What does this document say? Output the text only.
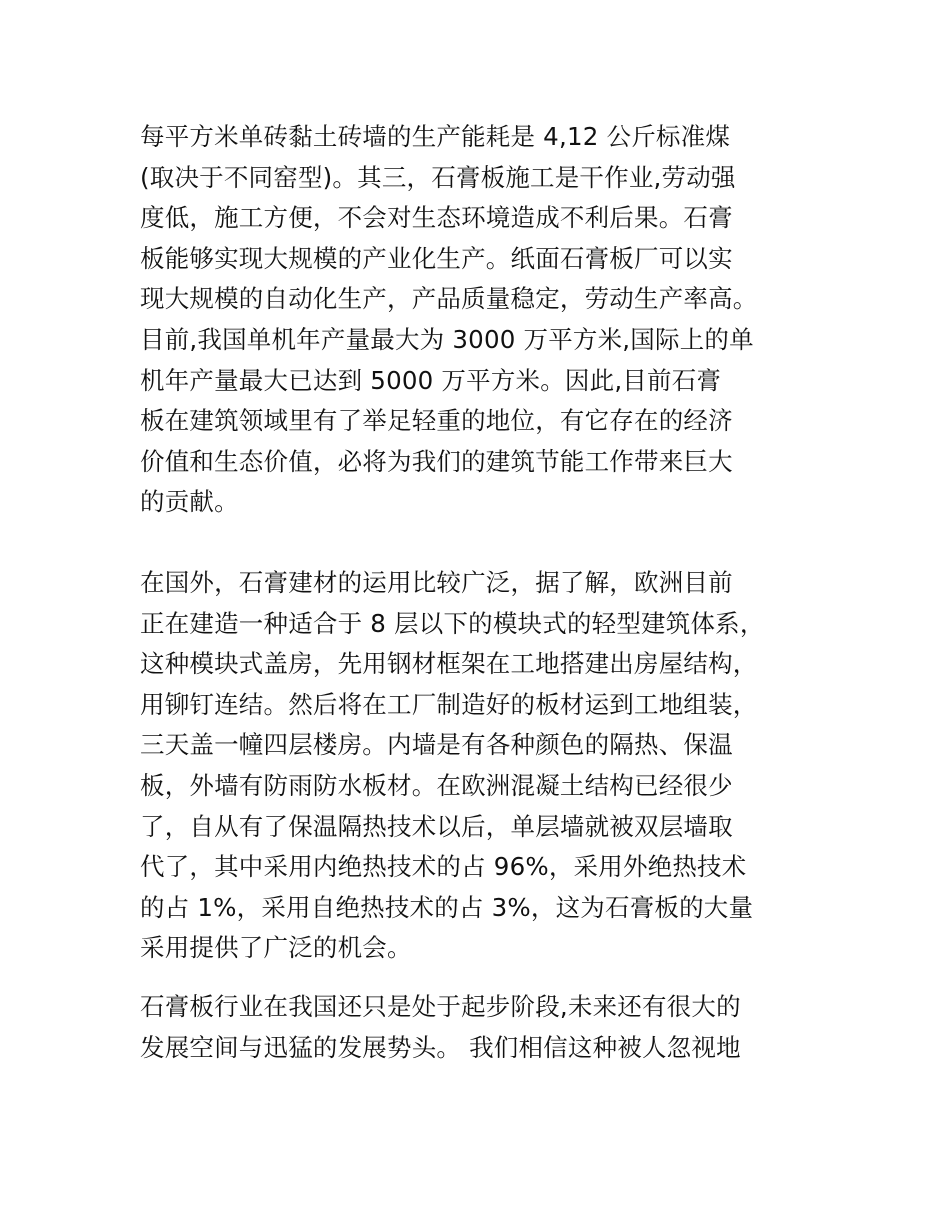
每平方米单砖黏土砖墙的生产能耗是 4,12 公斤标准煤
(取决于不同窑型)。其三，石膏板施工是干作业,劳动强
度低，施工方便，不会对生态环境造成不利后果。石膏
板能够实现大规模的产业化生产。纸面石膏板厂可以实
现大规模的自动化生产，产品质量稳定，劳动生产率高。
目前,我国单机年产量最大为 3000 万平方米,国际上的单
机年产量最大已达到 5000 万平方米。因此,目前石膏
板在建筑领域里有了举足轻重的地位，有它存在的经济
价值和生态价值，必将为我们的建筑节能工作带来巨大
的贡献。
在国外，石膏建材的运用比较广泛，据了解，欧洲目前
正在建造一种适合于 8 层以下的模块式的轻型建筑体系，
这种模块式盖房，先用钢材框架在工地搭建出房屋结构，
用铆钉连结。然后将在工厂制造好的板材运到工地组装，
三天盖一幢四层楼房。内墙是有各种颜色的隔热、保温
板，外墙有防雨防水板材。在欧洲混凝土结构已经很少
了，自从有了保温隔热技术以后，单层墙就被双层墙取
代了，其中采用内绝热技术的占 96%，采用外绝热技术
的占 1%，采用自绝热技术的占 3%，这为石膏板的大量
采用提供了广泛的机会。
石膏板行业在我国还只是处于起步阶段,未来还有很大的
发展空间与迅猛的发展势头。 我们相信这种被人忽视地
